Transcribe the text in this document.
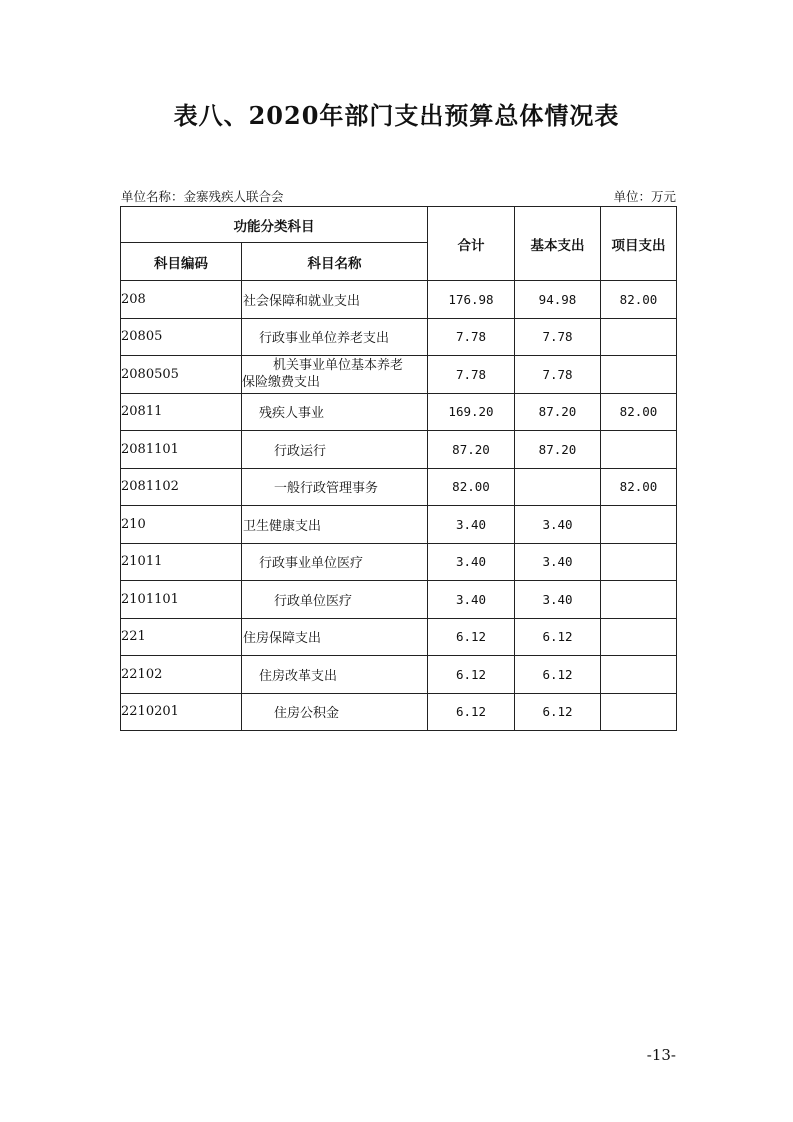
表八、2020年部门支出预算总体情况表
单位名称：金寨残疾人联合会	单位：万元
功能分类科目		合计	基本支出	项目支出
科目编码	科目名称			
208	社会保障和就业支出	176.98	94.98	82.00
20805	行政事业单位养老支出	7.78	7.78	
2080505	机关事业单位基本养老
保险缴费支出	7.78	7.78	
20811	残疾人事业	169.20	87.20	82.00
2081101	行政运行	87.20	87.20	
2081102	一般行政管理事务	82.00		82.00
210	卫生健康支出	3.40	3.40	
21011	行政事业单位医疗	3.40	3.40	
2101101	行政单位医疗	3.40	3.40	
221	住房保障支出	6.12	6.12	
22102	住房改革支出	6.12	6.12	
2210201	住房公积金	6.12	6.12	
-13-
